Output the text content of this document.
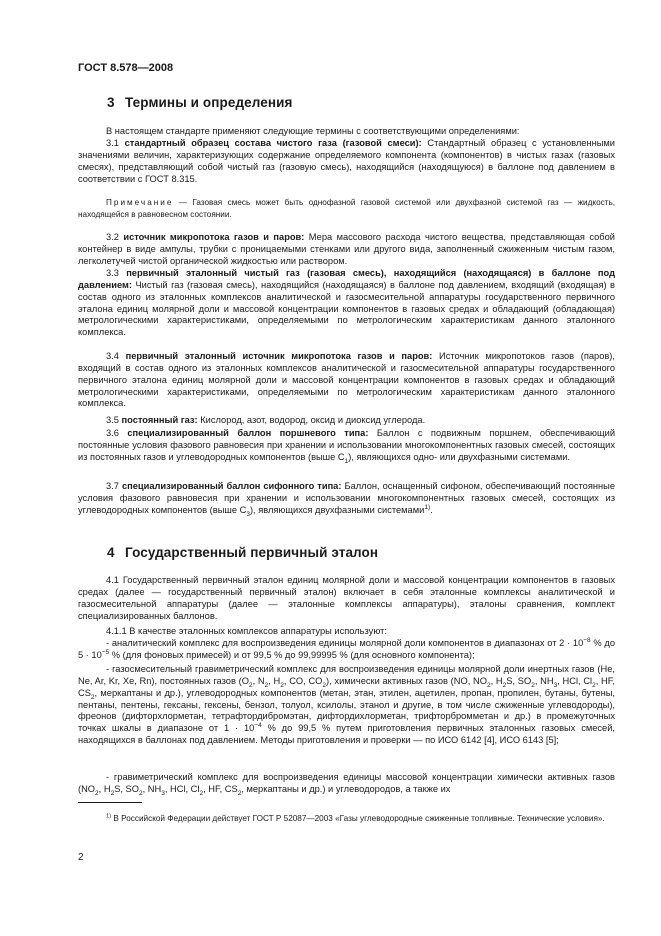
ГОСТ 8.578—2008
3 Термины и определения

В настоящем стандарте применяют следующие термины с соответствующими определениями:

3.1 стандартный образец состава чистого газа (газовой смеси): Стандартный образец с установленными значениями величин, характеризующих содержание определяемого компонента (компонентов) в чистых газах (газовых смесях), представляющий собой чистый газ (газовую смесь), находящийся (находящуюся) в баллоне под давлением в соответствии с ГОСТ 8.315.

Примечание — Газовая смесь может быть однофазной газовой системой или двухфазной системой газ — жидкость, находящейся в равновесном состоянии.

3.2 источник микропотока газов и паров: Мера массового расхода чистого вещества, представляющая собой контейнер в виде ампулы, трубки с проницаемыми стенками или другого вида, заполненный сжиженным чистым газом, легколетучей чистой органической жидкостью или раствором.

3.3 первичный эталонный чистый газ (газовая смесь), находящийся (находящаяся) в баллоне под давлением: Чистый газ (газовая смесь), находящийся (находящаяся) в баллоне под давлением, входящий (входящая) в состав одного из эталонных комплексов аналитической и газосмесительной аппаратуры государственного первичного эталона единиц молярной доли и массовой концентрации компонентов в газовых средах и обладающий (обладающая) метрологическими характеристиками, определяемыми по метрологическим характеристикам данного эталонного комплекса.

3.4 первичный эталонный источник микропотока газов и паров: Источник микропотоков газов (паров), входящий в состав одного из эталонных комплексов аналитической и газосмесительной аппаратуры государственного первичного эталона единиц молярной доли и массовой концентрации компонентов в газовых средах и обладающий метрологическими характеристиками, определяемыми по метрологическим характеристикам данного эталонного комплекса.

3.5 постоянный газ: Кислород, азот, водород, оксид и диоксид углерода.

3.6 специализированный баллон поршневого типа: Баллон с подвижным поршнем, обеспечивающий постоянные условия фазового равновесия при хранении и использовании многокомпонентных газовых смесей, состоящих из постоянных газов и углеводородных компонентов (выше $C_1$), являющихся одно- или двухфазными системами.

3.7 специализированный баллон сифонного типа: Баллон, оснащенный сифоном, обеспечивающий постоянные условия фазового равновесия при хранении и использовании многокомпонентных газовых смесей, состоящих из углеводородных компонентов (выше $C_3$), являющихся двухфазными системами$^{1)}$.

4 Государственный первичный эталон

4.1 Государственный первичный эталон единиц молярной доли и массовой концентрации компонентов в газовых средах (далее — государственный первичный эталон) включает в себя эталонные комплексы аналитической и газосмесительной аппаратуры (далее — эталонные комплексы аппаратуры), эталоны сравнения, комплект специализированных баллонов.

4.1.1 В качестве эталонных комплексов аппаратуры используют:

- аналитический комплекс для воспроизведения единицы молярной доли компонентов в диапазонах от $2 \cdot 10^{-8}$ % до $5 \cdot 10^{-5}$ % (для фоновых примесей) и от 99,5 % до 99,99995 % (для основного компонента);

- газосмесительный гравиметрический комплекс для воспроизведения единицы молярной доли инертных газов (He, Ne, Ar, Kr, Xe, Rn), постоянных газов ($O_2$, $N_2$, $H_2$, CO, $CO_2$), химически активных газов (NO, $NO_2$, $H_2S$, $SO_2$, $NH_3$, HCl, $Cl_2$, HF, $CS_2$, меркаптаны и др.), углеводородных компонентов (метан, этан, этилен, ацетилен, пропан, пропилен, бутаны, бутены, пентаны, пентены, гексаны, гексены, бензол, толуол, ксилолы, этанол и другие, в том числе сжиженные углеводороды), фреонов (дифторхлорметан, тетрафтордибромэтан, дифтордихлорметан, трифторбромметан и др.) в промежуточных точках шкалы в диапазоне от $1 \cdot 10^{-4}$ % до 99,5 % путем приготовления первичных эталонных газовых смесей, находящихся в баллонах под давлением. Методы приготовления и проверки — по ИСО 6142 [4], ИСО 6143 [5];

- гравиметрический комплекс для воспроизведения единицы массовой концентрации химически активных газов ($NO_2$, $H_2S$, $SO_2$, $NH_3$, HCl, $Cl_2$, HF, $CS_2$, меркаптаны и др.) и углеводородов, а также их

$^{1)}$ В Российской Федерации действует ГОСТ Р 52087—2003 «Газы углеводородные сжиженные топливные. Технические условия».

2
